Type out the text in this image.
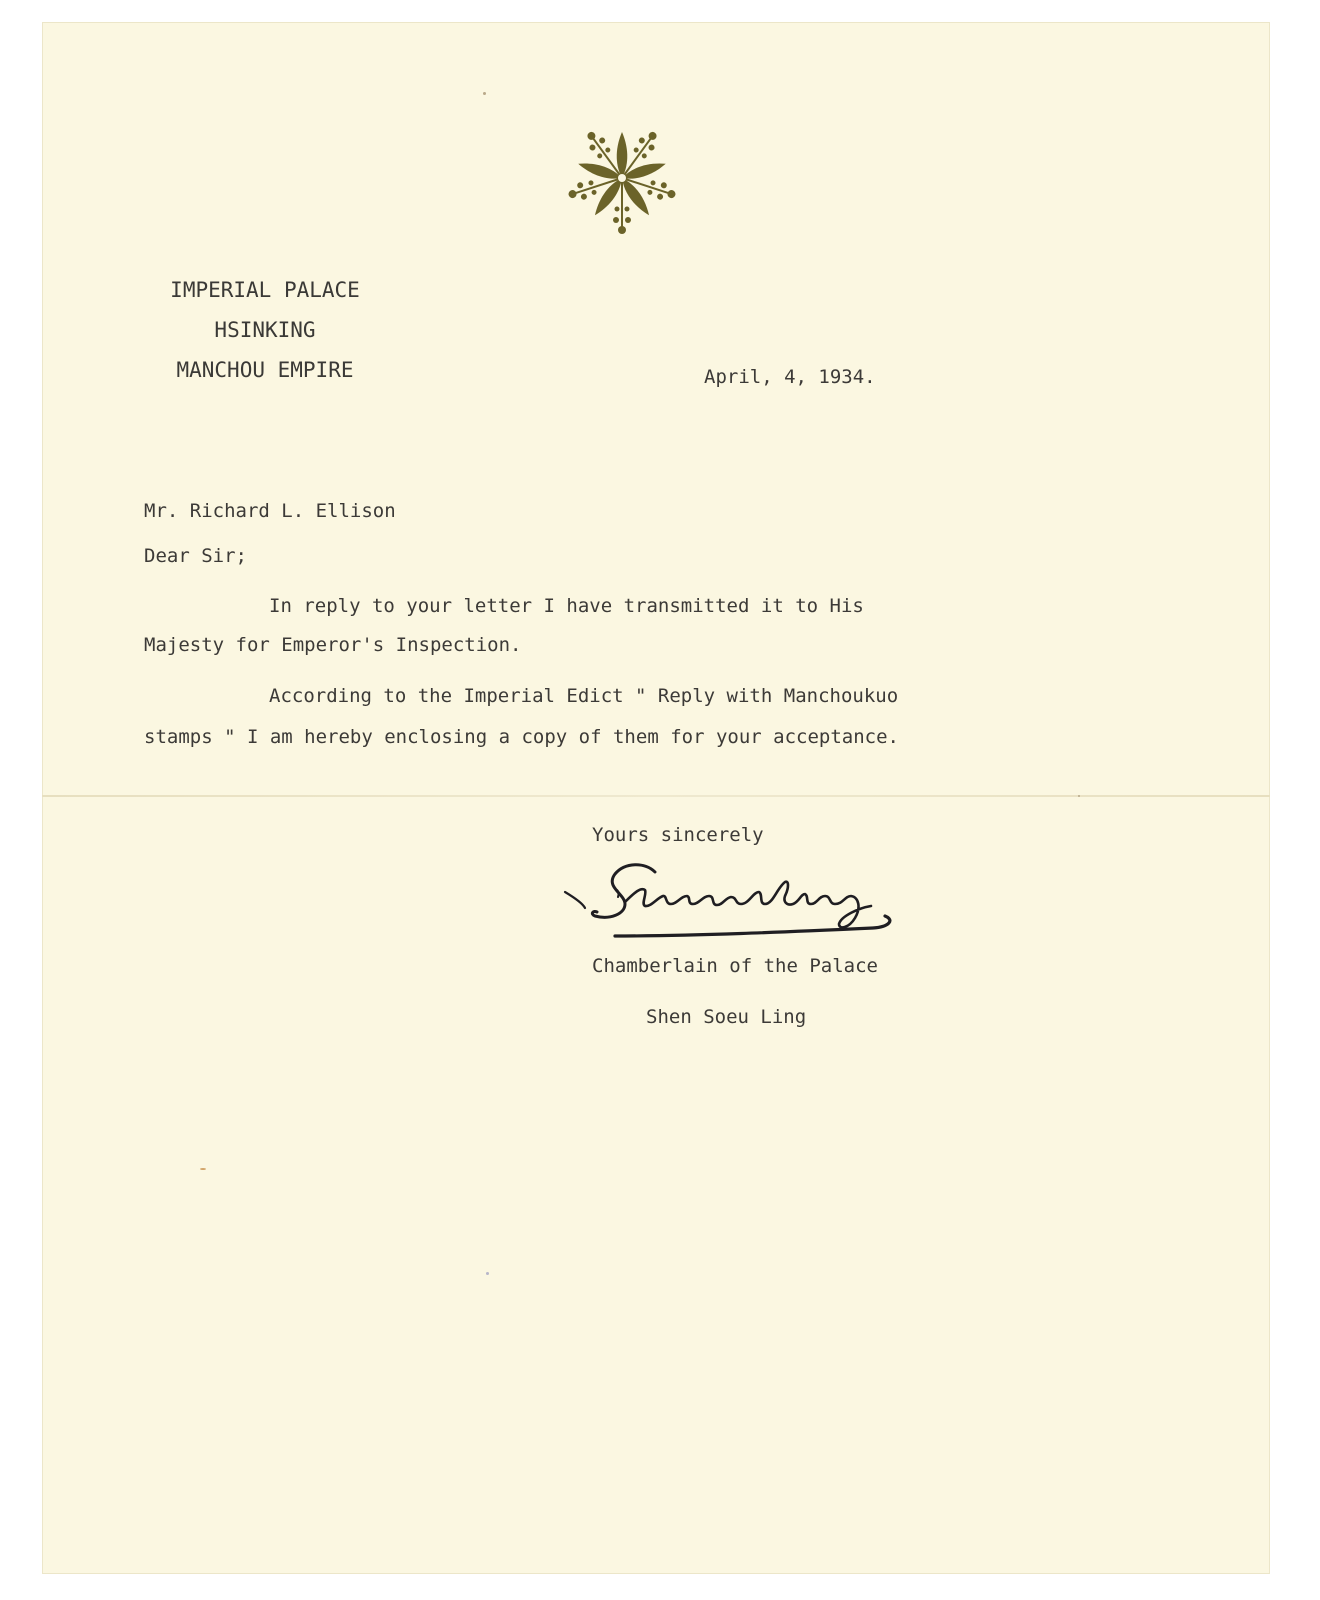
IMPERIAL PALACE
HSINKING
MANCHOU EMPIRE	April, 4, 1934.
Mr. Richard L. Ellison
Dear Sir;
In reply to your letter I have transmitted it to His
Majesty for Emperor's Inspection.
According to the Imperial Edict " Reply with Manchoukuo
stamps " I am hereby enclosing a copy of them for your acceptance.
Yours sincerely
Chamberlain of the Palace
Shen Soeu Ling
